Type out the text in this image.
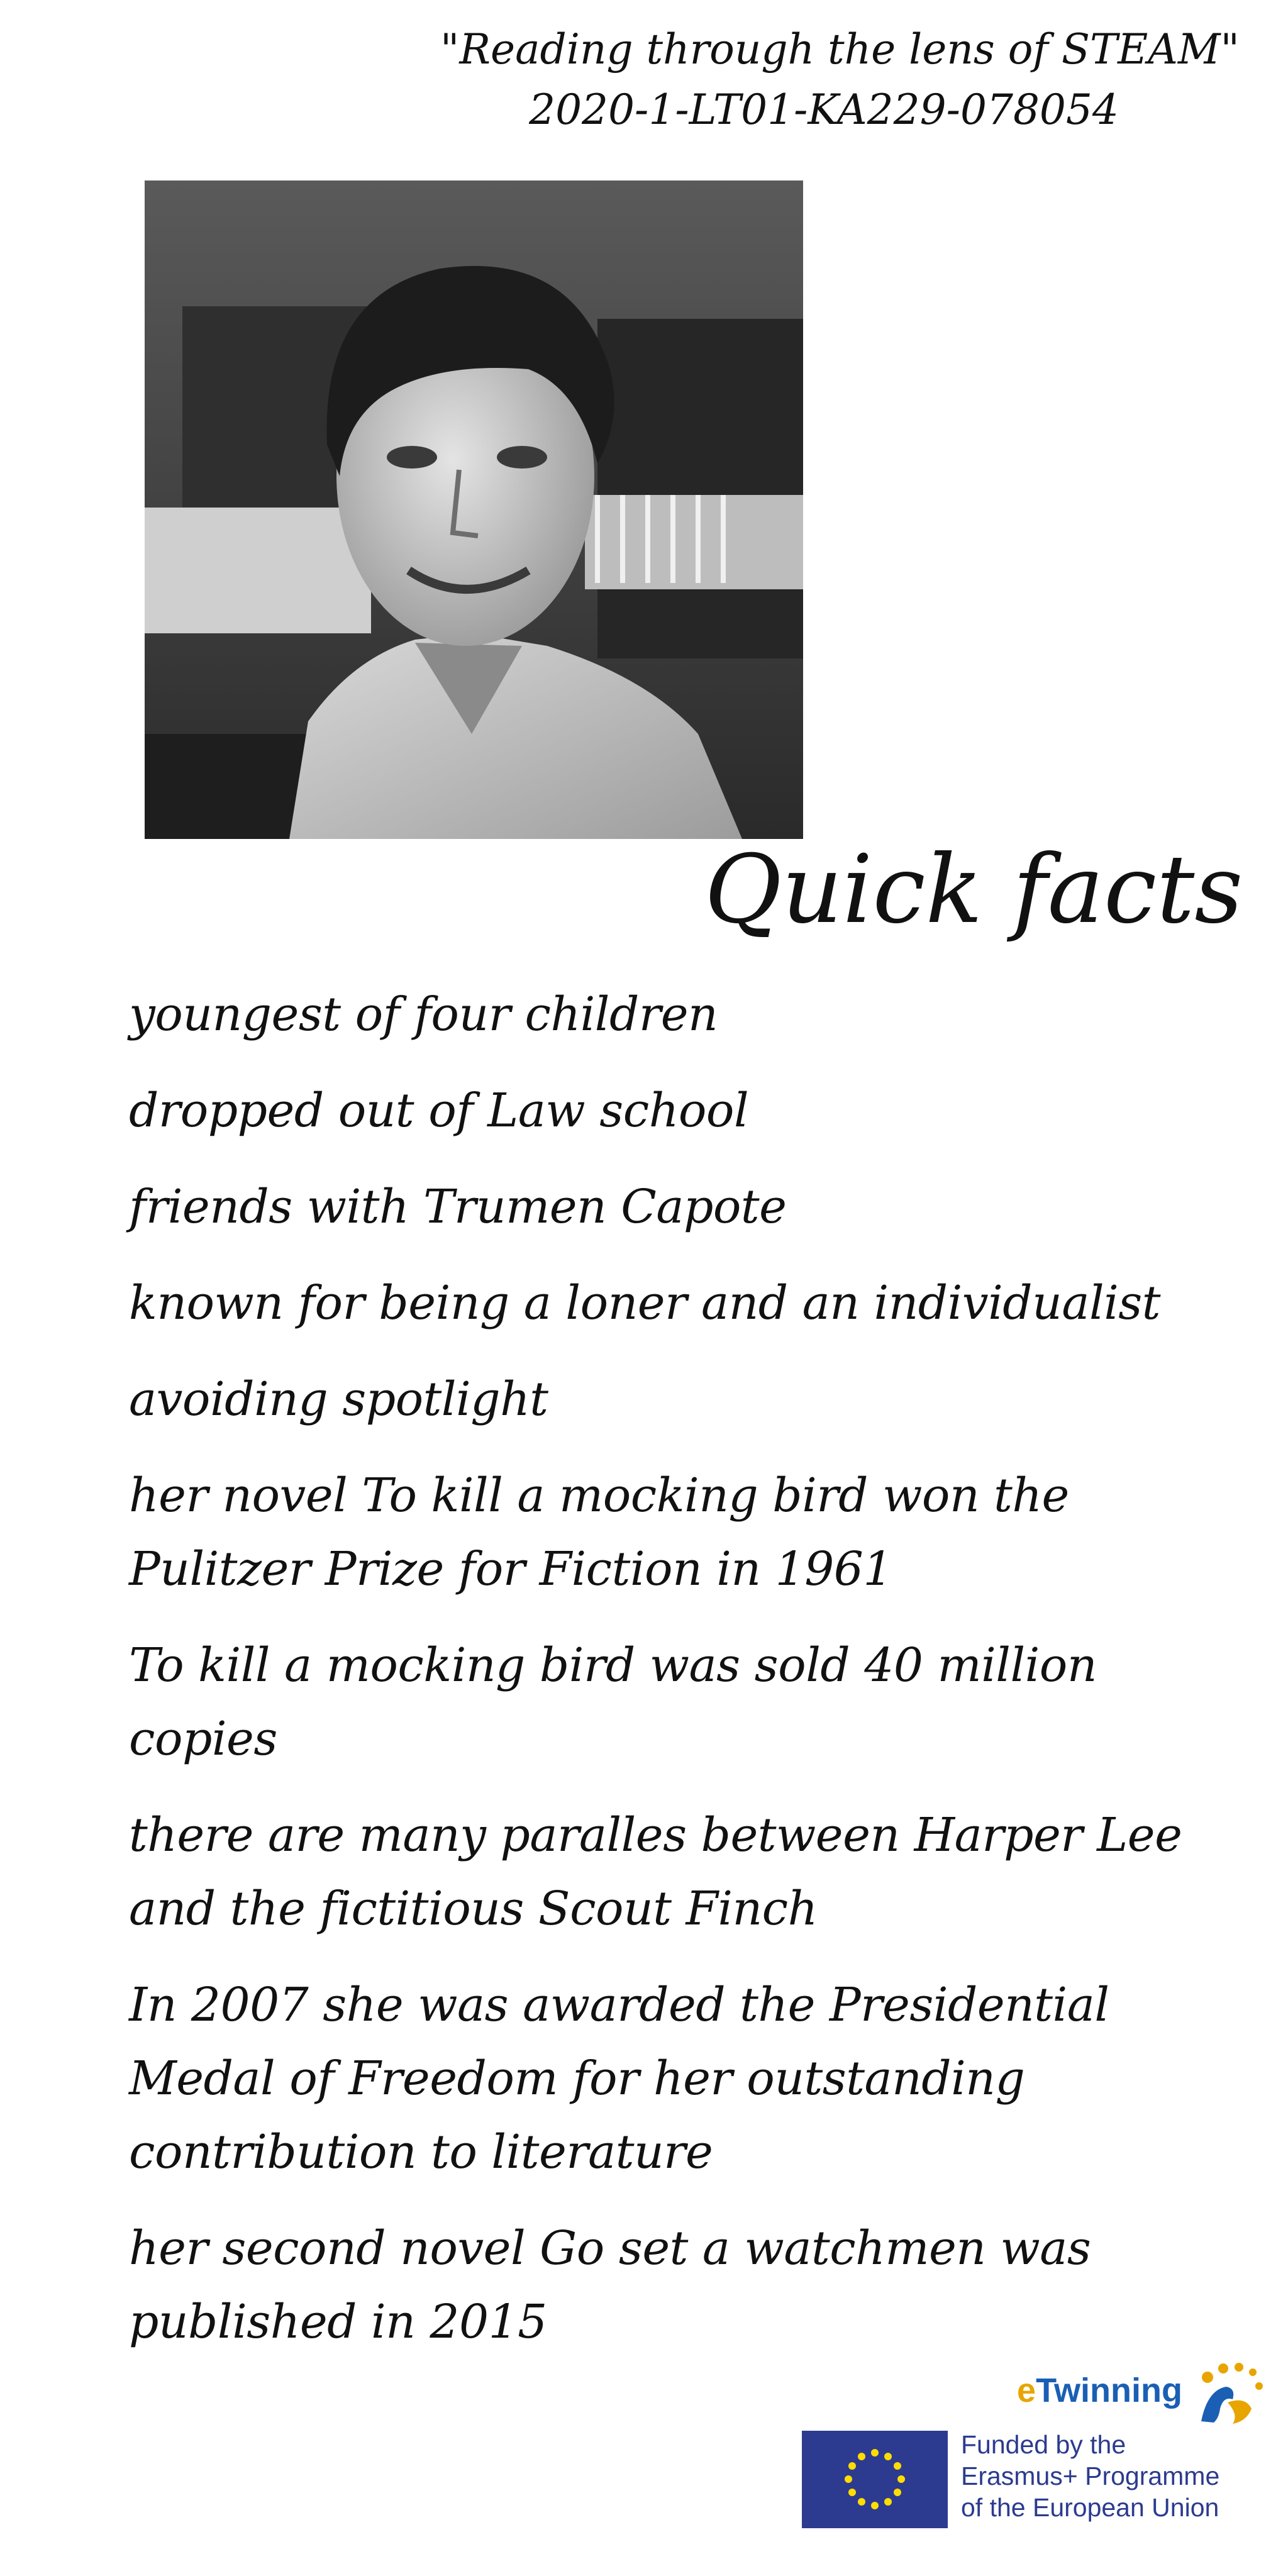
"Reading through the lens of STEAM"
2020-1-LT01-KA229-078054
Quick facts
youngest of four children
dropped out of Law school
friends with Trumen Capote
known for being a loner and an individualist
avoiding spotlight
her novel To kill a mocking bird won the Pulitzer Prize for Fiction in 1961
To kill a mocking bird was sold 40 million copies
there are many paralles between Harper Lee and the fictitious Scout Finch
In 2007 she was awarded the Presidential Medal of Freedom for her outstanding contribution to literature
her second novel Go set a watchmen was published in 2015
eTwinning
Funded by the
Erasmus+ Programme
of the European Union
